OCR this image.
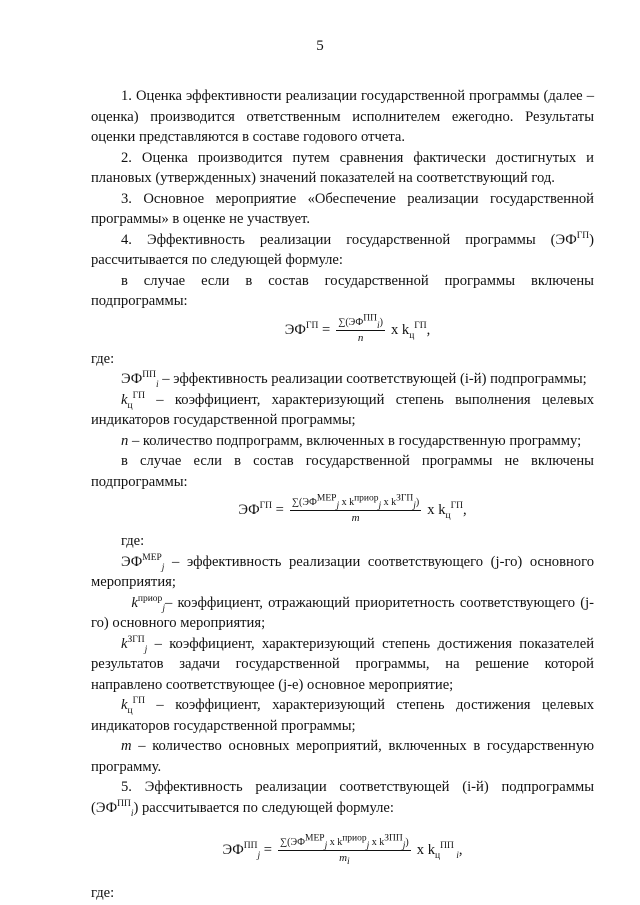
5

1. Оценка эффективности реализации государственной программы (далее – оценка) производится ответственным исполнителем ежегодно. Результаты оценки представляются в составе годового отчета.

2. Оценка производится путем сравнения фактически достигнутых и плановых (утвержденных) значений показателей на соответствующий год.

3. Основное мероприятие «Обеспечение реализации государственной программы» в оценке не участвует.

4. Эффективность реализации государственной программы $(ЭФ^{ГП})$ рассчитывается по следующей формуле:

в случае если в состав государственной программы включены подпрограммы:

$ЭФ^{ГП} = \frac{\sum(ЭФ^{ПП}_i)}{n}$ x $k_ц^{ГП}$,

где:

$ЭФ^{ПП}_i$ – эффективность реализации соответствующей (i-й) подпрограммы;

$k_ц^{ГП}$ – коэффициент, характеризующий степень выполнения целевых индикаторов государственной программы;

n – количество подпрограмм, включенных в государственную программу;

в случае если в состав государственной программы не включены подпрограммы:

$ЭФ^{ГП} = \frac{\sum(ЭФ^{МЕР}_j x k^{приор}_j x k^{ЗГП}_j)}{m}$ x $k_ц^{ГП}$,

где:

$ЭФ^{МЕР}_j$ – эффективность реализации соответствующего (j-го) основного мероприятия;

$k^{приор}_j-$ коэффициент, отражающий приоритетность соответствующего (j-го) основного мероприятия;

$k^{ЗГП}_j$ – коэффициент, характеризующий степень достижения показателей результатов задачи государственной программы, на решение которой направлено соответствующее (j-е) основное мероприятие;

$k_ц^{ГП}$ – коэффициент, характеризующий степень достижения целевых индикаторов государственной программы;

m – количество основных мероприятий, включенных в государственную программу.

5. Эффективность реализации соответствующей (i-й) подпрограммы $(ЭФ^{ПП}_i)$ рассчитывается по следующей формуле:

$ЭФ^{ПП}_j = \frac{\sum(ЭФ^{МЕР}_j x k^{приор}_j x k^{ЗПП}_j)}{m_i}$ x $k_ц^{ПП}$ $_i$,

где:
